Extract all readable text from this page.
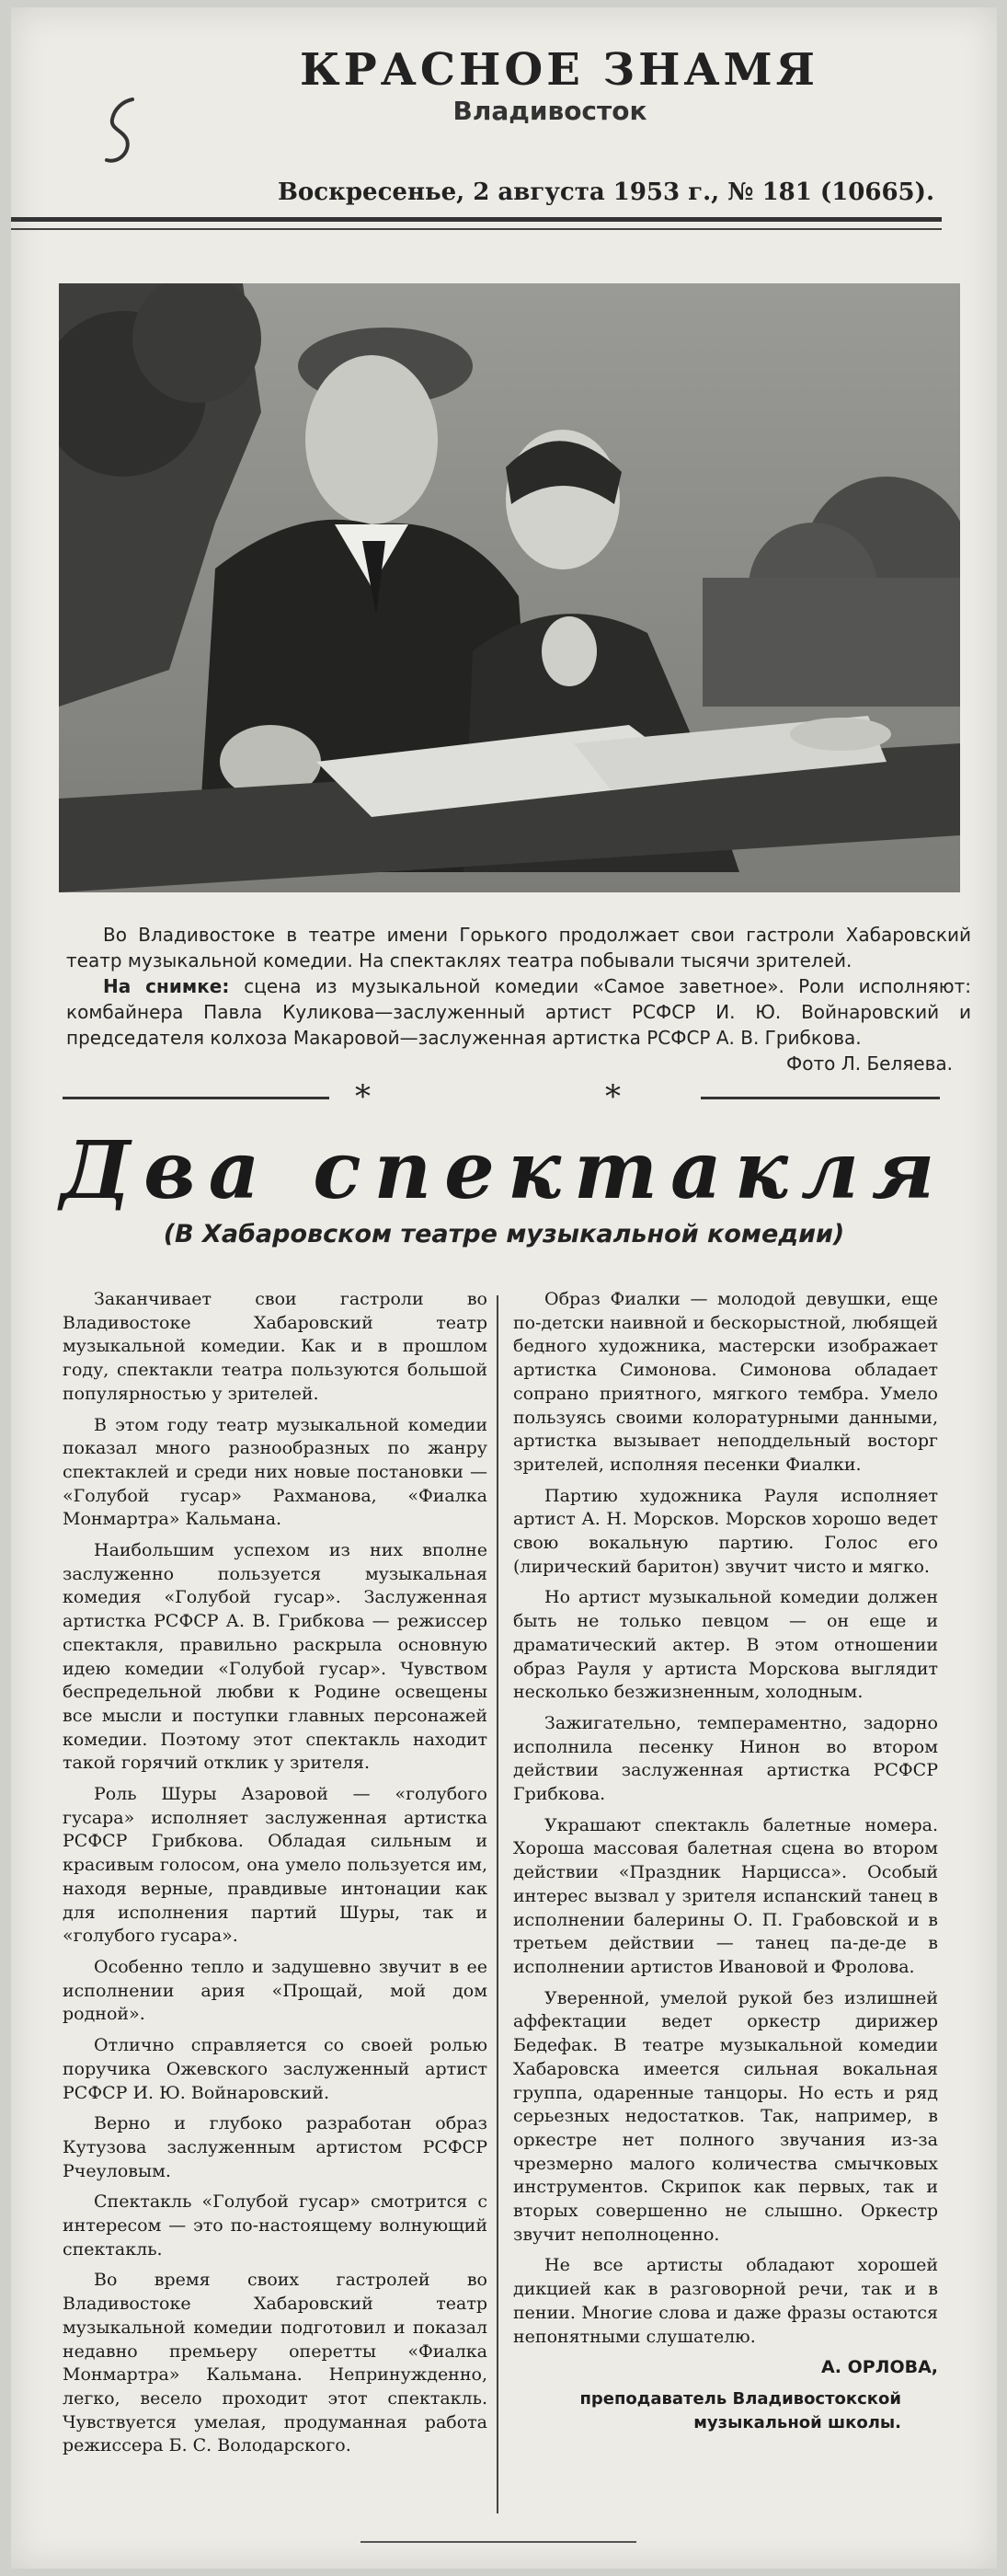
КРАСНОЕ ЗНАМЯ
Владивосток
Воскресенье, 2 августа 1953 г., № 181 (10665).

Во Владивостоке в театре имени Горького продолжает свои гастроли Хабаровский театр музыкальной комедии. На спектаклях театра побывали тысячи зрителей.

На снимке: сцена из музыкальной комедии «Самое заветное». Роли исполняют: комбайнера Павла Куликова—заслуженный артист РСФСР И. Ю. Войнаровский и председателя колхоза Макаровой—заслуженная артистка РСФСР А. В. Грибкова.

Фото Л. Беляева.

*	*
Два спектакля
(В Хабаровском театре музыкальной комедии)

Заканчивает свои гастроли во Владивостоке Хабаровский театр музыкальной комедии. Как и в прошлом году, спектакли театра пользуются большой популярностью у зрителей.

В этом году театр музыкальной комедии показал много разнообразных по жанру спектаклей и среди них новые постановки — «Голубой гусар» Рахманова, «Фиалка Монмартра» Кальмана.

Наибольшим успехом из них вполне заслуженно пользуется музыкальная комедия «Голубой гусар». Заслуженная артистка РСФСР А. В. Грибкова — режиссер спектакля, правильно раскрыла основную идею комедии «Голубой гусар». Чувством беспредельной любви к Родине освещены все мысли и поступки главных персонажей комедии. Поэтому этот спектакль находит такой горячий отклик у зрителя.

Роль Шуры Азаровой — «голубого гусара» исполняет заслуженная артистка РСФСР Грибкова. Обладая сильным и красивым голосом, она умело пользуется им, находя верные, правдивые интонации как для исполнения партий Шуры, так и «голубого гусара».

Особенно тепло и задушевно звучит в ее исполнении ария «Прощай, мой дом родной».

Отлично справляется со своей ролью поручика Ожевского заслуженный артист РСФСР И. Ю. Войнаровский.

Верно и глубоко разработан образ Кутузова заслуженным артистом РСФСР Рчеуловым.

Спектакль «Голубой гусар» смотрится с интересом — это по-настоящему волнующий спектакль.

Во время своих гастролей во Владивостоке Хабаровский театр музыкальной комедии подготовил и показал недавно премьеру оперетты «Фиалка Монмартра» Кальмана. Непринужденно, легко, весело проходит этот спектакль. Чувствуется умелая, продуманная работа режиссера Б. С. Володарского.

Образ Фиалки — молодой девушки, еще по-детски наивной и бескорыстной, любящей бедного художника, мастерски изображает артистка Симонова. Симонова обладает сопрано приятного, мягкого тембра. Умело пользуясь своими колоратурными данными, артистка вызывает неподдельный восторг зрителей, исполняя песенки Фиалки.

Партию художника Рауля исполняет артист А. Н. Морсков. Морсков хорошо ведет свою вокальную партию. Голос его (лирический баритон) звучит чисто и мягко.

Но артист музыкальной комедии должен быть не только певцом — он еще и драматический актер. В этом отношении образ Рауля у артиста Морскова выглядит несколько безжизненным, холодным.

Зажигательно, темпераментно, задорно исполнила песенку Нинон во втором действии заслуженная артистка РСФСР Грибкова.

Украшают спектакль балетные номера. Хороша массовая балетная сцена во втором действии «Праздник Нарцисса». Особый интерес вызвал у зрителя испанский танец в исполнении балерины О. П. Грабовской и в третьем действии — танец па-де-де в исполнении артистов Ивановой и Фролова.

Уверенной, умелой рукой без излишней аффектации ведет оркестр дирижер Бедефак. В театре музыкальной комедии Хабаровска имеется сильная вокальная группа, одаренные танцоры. Но есть и ряд серьезных недостатков. Так, например, в оркестре нет полного звучания из-за чрезмерно малого количества смычковых инструментов. Скрипок как первых, так и вторых совершенно не слышно. Оркестр звучит неполноценно.

Не все артисты обладают хорошей дикцией как в разговорной речи, так и в пении. Многие слова и даже фразы остаются непонятными слушателю.

А. ОРЛОВА,

преподаватель Владивостокской музыкальной школы.
